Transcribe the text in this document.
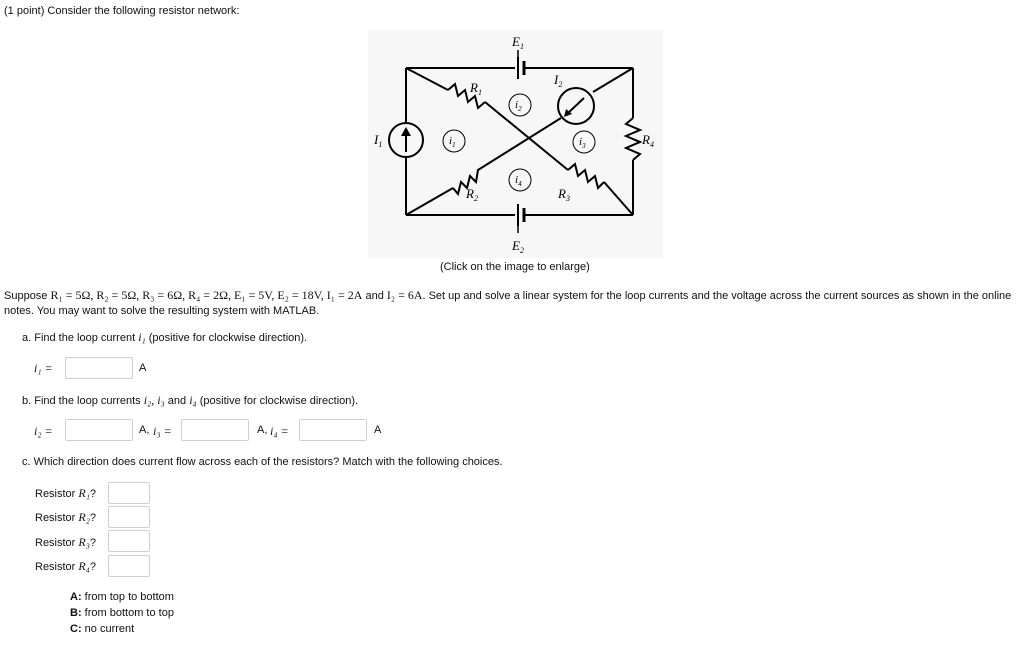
(1 point) Consider the following resistor network:
$E_1$
$E_2$
$R_1$
$R_2$	$R_3$
$R_4$
$I_1$
$I_2$
$i_1$
$i_2$
$i_3$
$i_4$
(Click on the image to enlarge)
Suppose R₁ = 5Ω, R₂ = 5Ω, R₃ = 6Ω, R₄ = 2Ω, E₁ = 5V, E₂ = 18V, I₁ = 2A and I₂ = 6A. Set up and solve a linear system for the loop currents and the voltage across the current sources as shown in the online notes. You may want to solve the resulting system with MATLAB.
a. Find the loop current i₁ (positive for clockwise direction).
i₁ =	A
b. Find the loop currents i₂, i₃ and i₄ (positive for clockwise direction).
i₂ =	A, i₃ =	A, i₄ =	A
c. Which direction does current flow across each of the resistors? Match with the following choices.
Resistor R₁?
Resistor R₂?
Resistor R₃?
Resistor R₄?
A: from top to bottom
B: from bottom to top
C: no current
